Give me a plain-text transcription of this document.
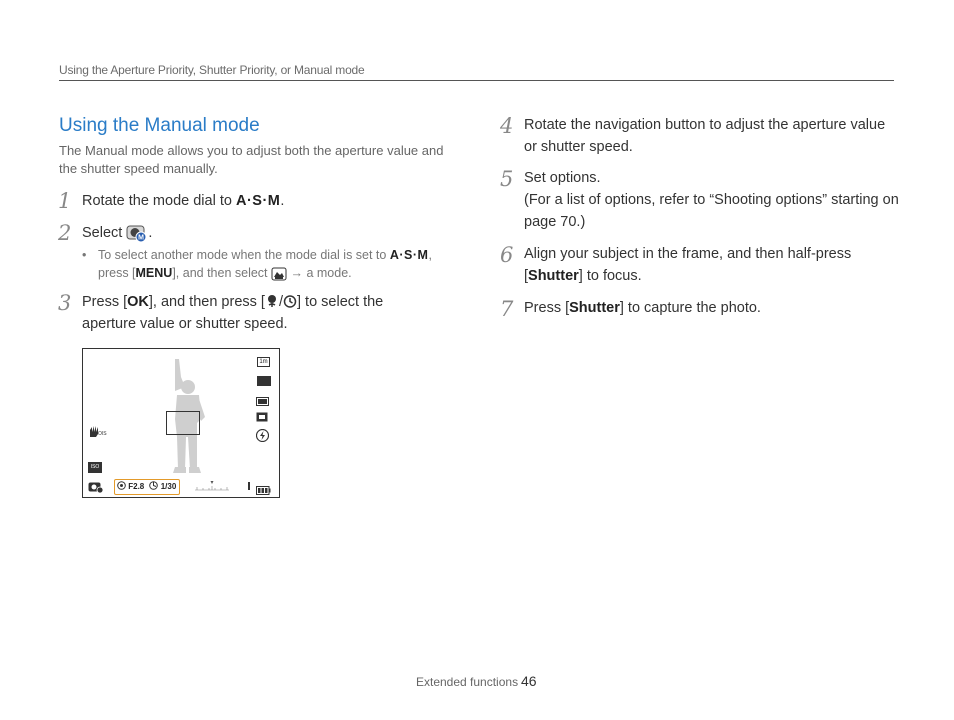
Using the Aperture Priority, Shutter Priority, or Manual mode
Using the Manual mode
The Manual mode allows you to adjust both the aperture value and the shutter speed manually.
1 Rotate the mode dial to A·S·M.
2 Select M .
• To select another mode when the mode dial is set to A·S·M,
press [MENU], and then select  → a mode.
3 Press [OK], and then press [ / ] to select the aperture value or shutter speed.
1m
OIS
ISO
F2.8 1/30
4 Rotate the navigation button to adjust the aperture value or shutter speed.
5 Set options.
(For a list of options, refer to “Shooting options” starting on page 70.)
6 Align your subject in the frame, and then half-press [Shutter] to focus.
7 Press [Shutter] to capture the photo.
Extended functions 46
